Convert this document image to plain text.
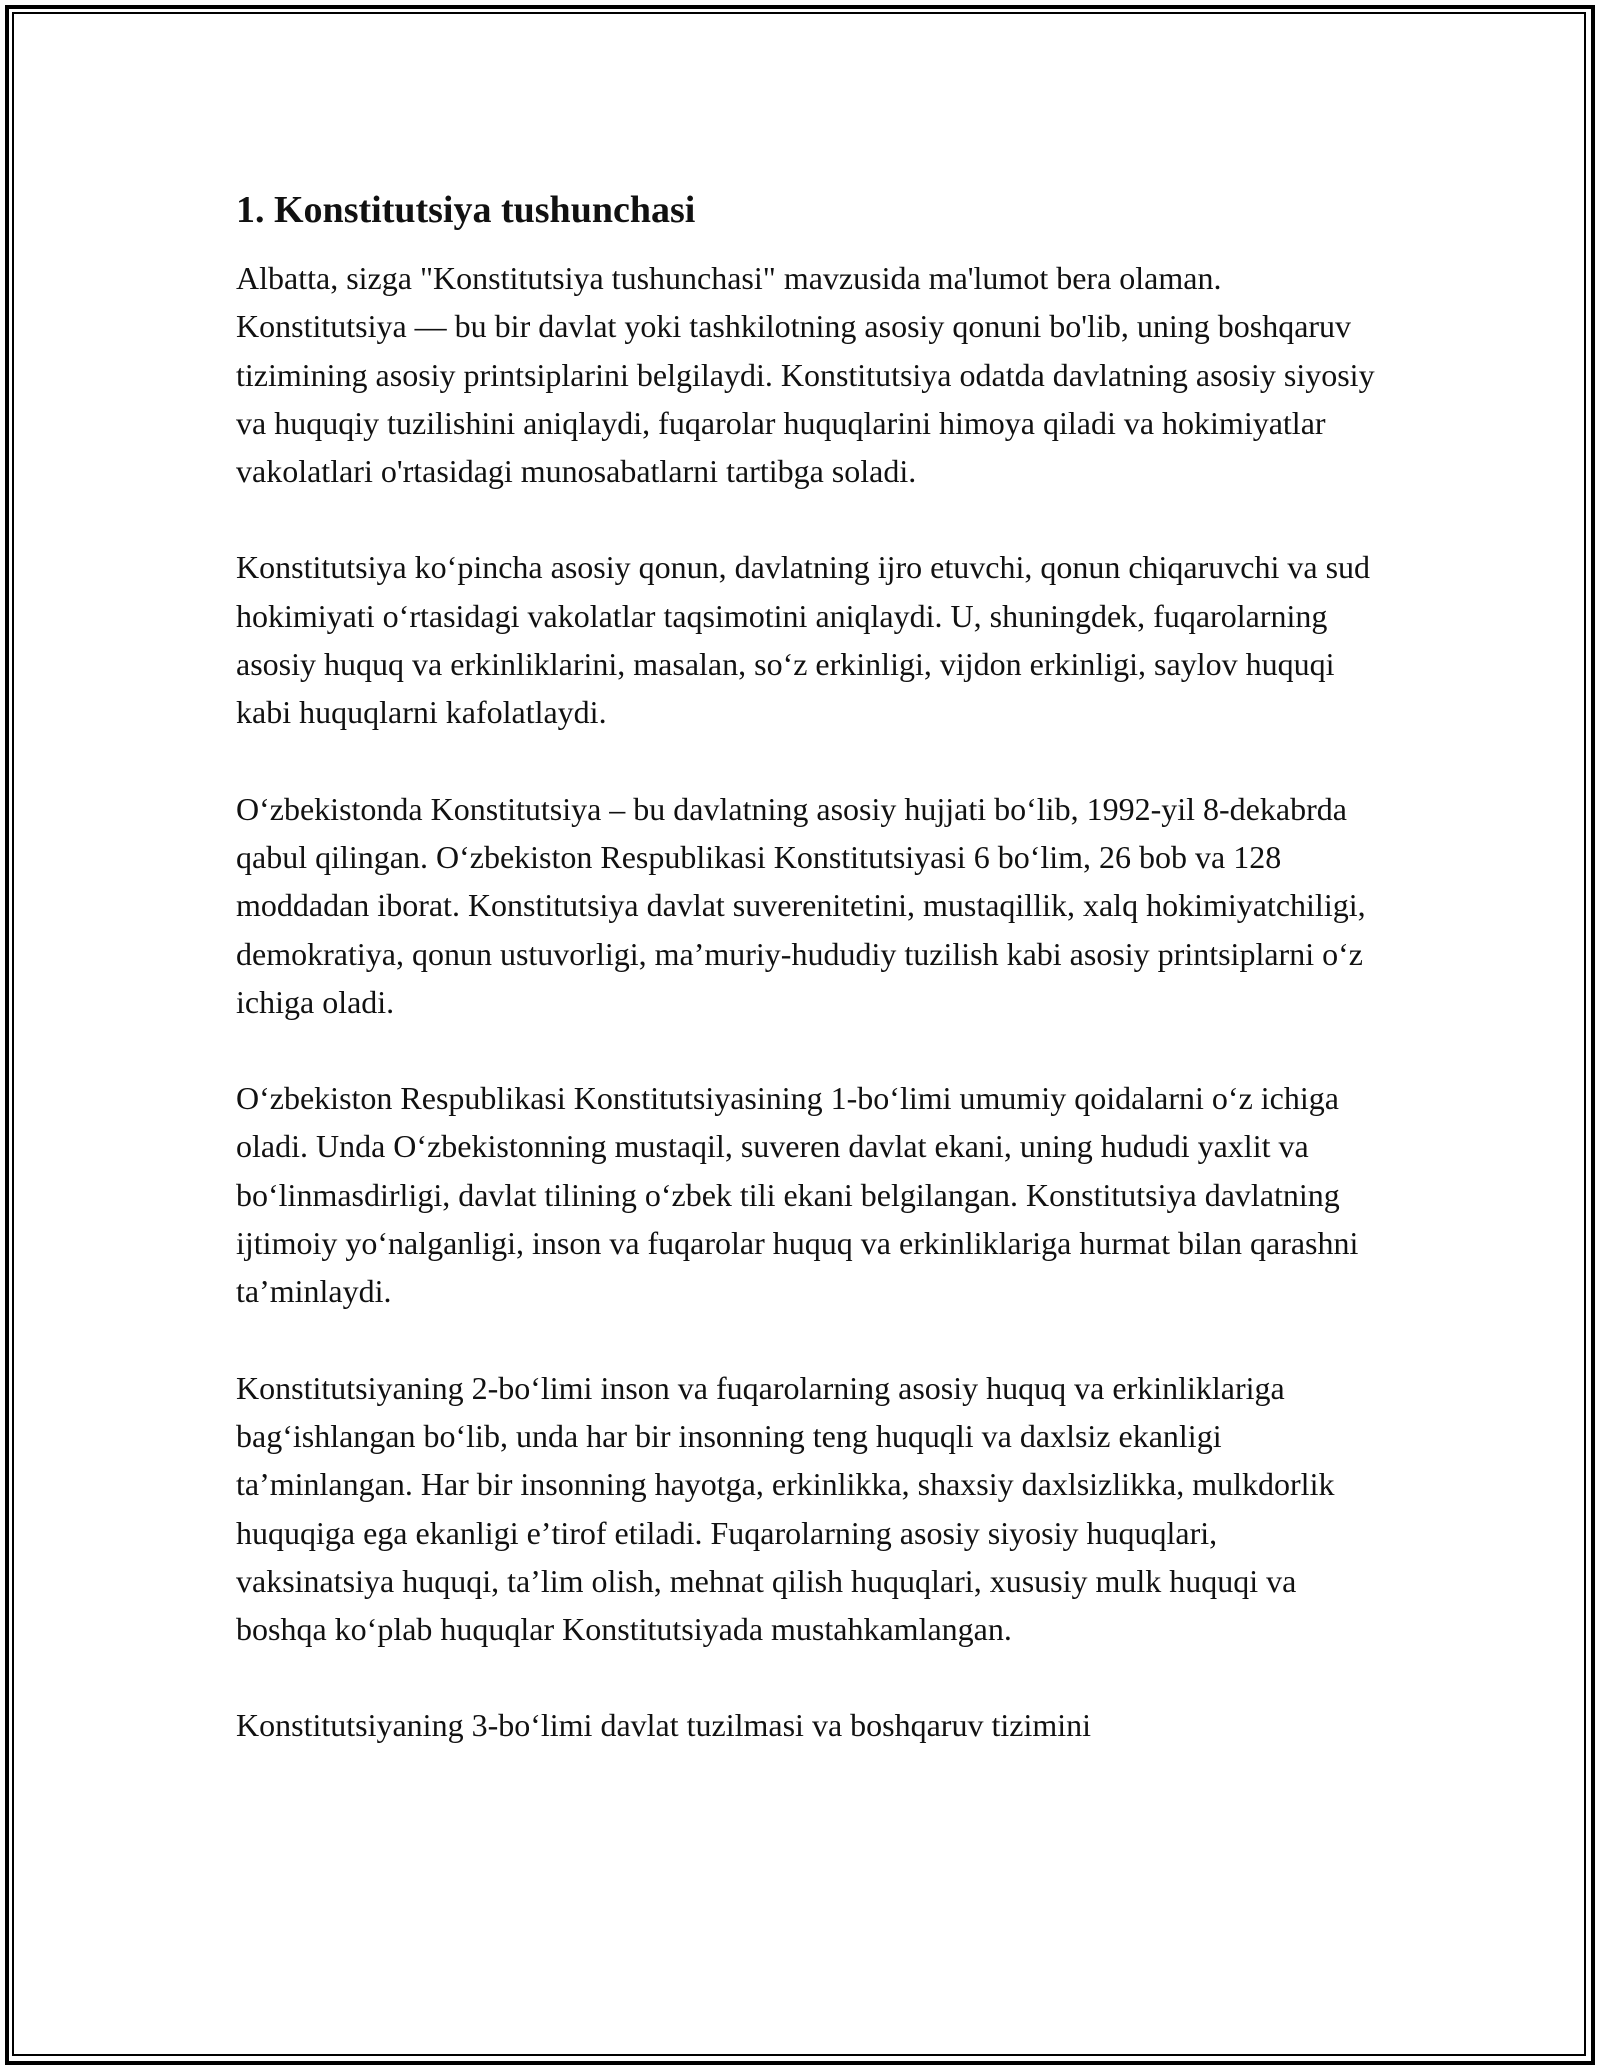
1. Konstitutsiya tushunchasi

Albatta, sizga "Konstitutsiya tushunchasi" mavzusida ma'lumot bera olaman. Konstitutsiya — bu bir davlat yoki tashkilotning asosiy qonuni bo'lib, uning boshqaruv tizimining asosiy printsiplarini belgilaydi. Konstitutsiya odatda davlatning asosiy siyosiy va huquqiy tuzilishini aniqlaydi, fuqarolar huquqlarini himoya qiladi va hokimiyatlar vakolatlari o'rtasidagi munosabatlarni tartibga soladi.

Konstitutsiya koʻpincha asosiy qonun, davlatning ijro etuvchi, qonun chiqaruvchi va sud hokimiyati oʻrtasidagi vakolatlar taqsimotini aniqlaydi. U, shuningdek, fuqarolarning asosiy huquq va erkinliklarini, masalan, soʻz erkinligi, vijdon erkinligi, saylov huquqi kabi huquqlarni kafolatlaydi.

Oʻzbekistonda Konstitutsiya – bu davlatning asosiy hujjati boʻlib, 1992-yil 8-dekabrda qabul qilingan. Oʻzbekiston Respublikasi Konstitutsiyasi 6 boʻlim, 26 bob va 128 moddadan iborat. Konstitutsiya davlat suverenitetini, mustaqillik, xalq hokimiyatchiligi, demokratiya, qonun ustuvorligi, maʼmuriy-hududiy tuzilish kabi asosiy printsiplarni oʻz ichiga oladi.

Oʻzbekiston Respublikasi Konstitutsiyasining 1-boʻlimi umumiy qoidalarni oʻz ichiga oladi. Unda Oʻzbekistonning mustaqil, suveren davlat ekani, uning hududi yaxlit va boʻlinmasdirligi, davlat tilining oʻzbek tili ekani belgilangan. Konstitutsiya davlatning ijtimoiy yoʻnalganligi, inson va fuqarolar huquq va erkinliklariga hurmat bilan qarashni taʼminlaydi.

Konstitutsiyaning 2-boʻlimi inson va fuqarolarning asosiy huquq va erkinliklariga bagʻishlangan boʻlib, unda har bir insonning teng huquqli va daxlsiz ekanligi taʼminlangan. Har bir insonning hayotga, erkinlikka, shaxsiy daxlsizlikka, mulkdorlik huquqiga ega ekanligi eʼtirof etiladi. Fuqarolarning asosiy siyosiy huquqlari, vaksinatsiya huquqi, taʼlim olish, mehnat qilish huquqlari, xususiy mulk huquqi va boshqa koʻplab huquqlar Konstitutsiyada mustahkamlangan.

Konstitutsiyaning 3-boʻlimi davlat tuzilmasi va boshqaruv tizimini
